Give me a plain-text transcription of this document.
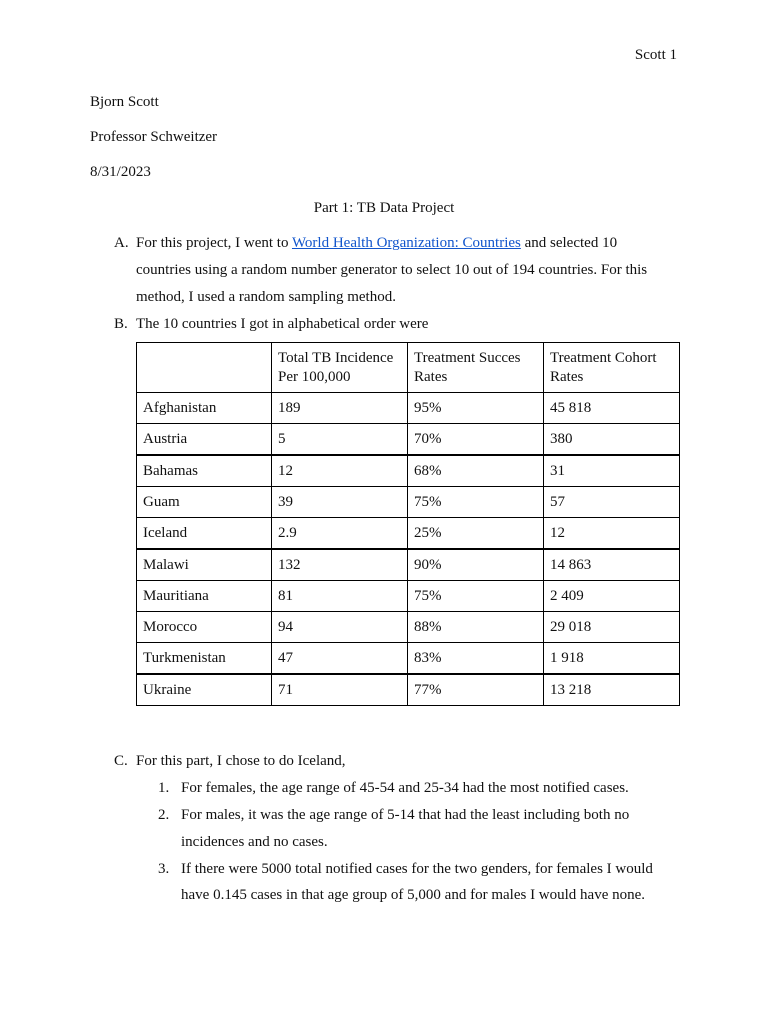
Scott 1
Bjorn Scott
Professor Schweitzer
8/31/2023
Part 1: TB Data Project
A. For this project, I went to World Health Organization: Countries and selected 10
countries using a random number generator to select 10 out of 194 countries. For this
method, I used a random sampling method.
B. The 10 countries I got in alphabetical order were
	Total TB Incidence Per 100,000	Treatment Succes Rates	Treatment Cohort Rates
Afghanistan	189	95%	45 818
Austria	5	70%	380
Bahamas	12	68%	31
Guam	39	75%	57
Iceland	2.9	25%	12
Malawi	132	90%	14 863
Mauritiana	81	75%	2 409
Morocco	94	88%	29 018
Turkmenistan	47	83%	1 918
Ukraine	71	77%	13 218
C. For this part, I chose to do Iceland,
1. For females, the age range of 45-54 and 25-34 had the most notified cases.
2. For males, it was the age range of 5-14 that had the least including both no
incidences and no cases.
3. If there were 5000 total notified cases for the two genders, for females I would
have 0.145 cases in that age group of 5,000 and for males I would have none.
